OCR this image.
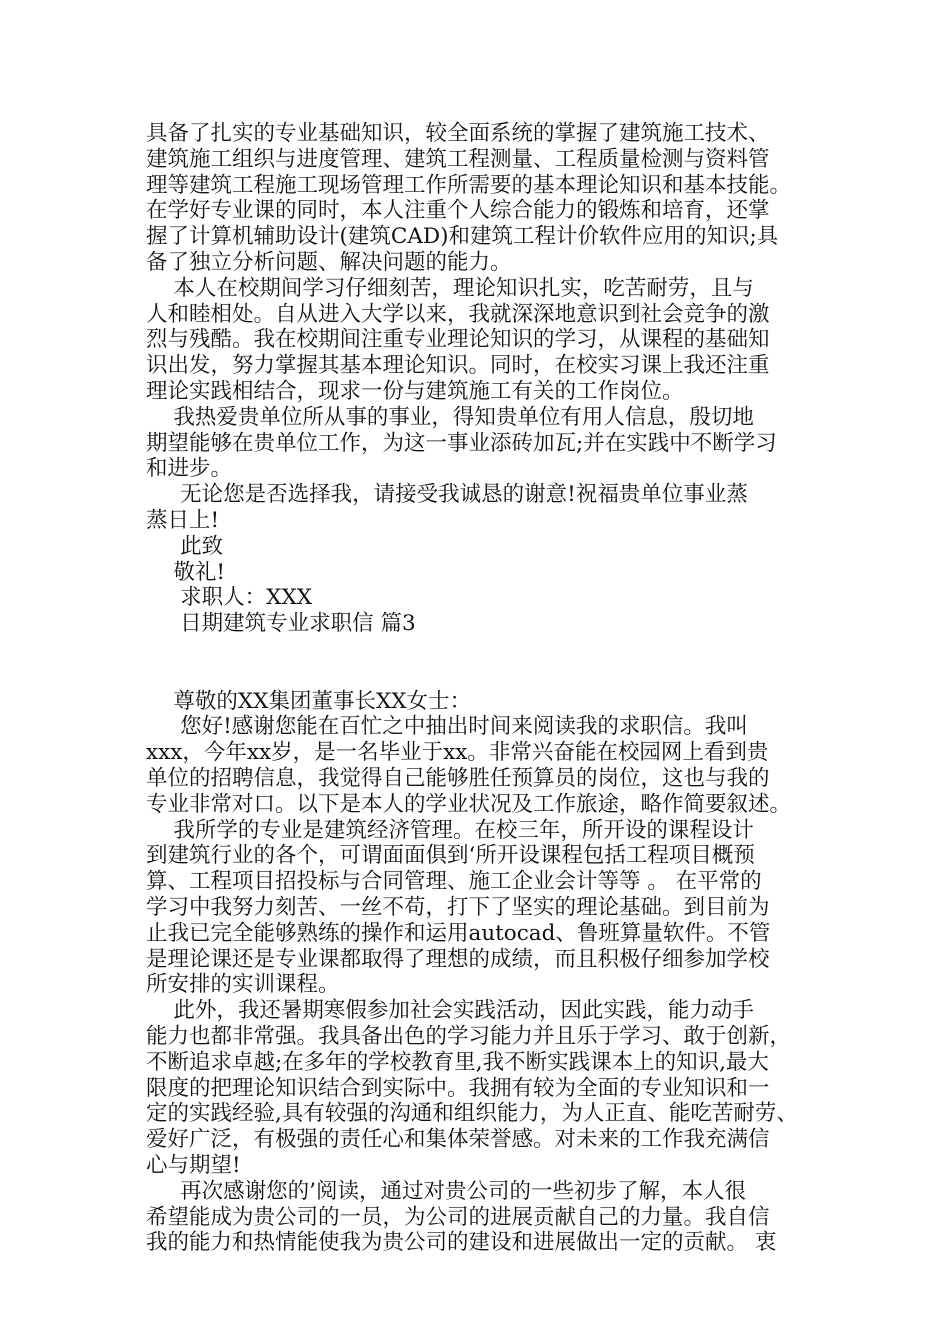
具备了扎实的专业基础知识，较全面系统的掌握了建筑施工技术、
建筑施工组织与进度管理、建筑工程测量、工程质量检测与资料管
理等建筑工程施工现场管理工作所需要的基本理论知识和基本技能。
在学好专业课的同时，本人注重个人综合能力的锻炼和培育，还掌
握了计算机辅助设计(建筑CAD)和建筑工程计价软件应用的知识;具
备了独立分析问题、解决问题的能力。
本人在校期间学习仔细刻苦，理论知识扎实，吃苦耐劳，且与
人和睦相处。自从进入大学以来，我就深深地意识到社会竞争的激
烈与残酷。我在校期间注重专业理论知识的学习，从课程的基础知
识出发，努力掌握其基本理论知识。同时，在校实习课上我还注重
理论实践相结合，现求一份与建筑施工有关的工作岗位。
我热爱贵单位所从事的事业，得知贵单位有用人信息，殷切地
期望能够在贵单位工作，为这一事业添砖加瓦;并在实践中不断学习
和进步。
无论您是否选择我，请接受我诚恳的谢意!祝福贵单位事业蒸
蒸日上!
此致
敬礼!
求职人：XXX
日期建筑专业求职信 篇3
尊敬的XX集团董事长XX女士：
您好!感谢您能在百忙之中抽出时间来阅读我的求职信。我叫
xxx，今年xx岁，是一名毕业于xx。非常兴奋能在校园网上看到贵
单位的招聘信息，我觉得自己能够胜任预算员的岗位，这也与我的
专业非常对口。以下是本人的学业状况及工作旅途，略作简要叙述。
我所学的专业是建筑经济管理。在校三年，所开设的课程设计
到建筑行业的各个，可谓面面俱到‘所开设课程包括工程项目概预
算、工程项目招投标与合同管理、施工企业会计等等 。 在平常的
学习中我努力刻苦、一丝不苟，打下了坚实的理论基础。到目前为
止我已完全能够熟练的操作和运用autocad、鲁班算量软件。不管
是理论课还是专业课都取得了理想的成绩，而且积极仔细参加学校
所安排的实训课程。
此外，我还暑期寒假参加社会实践活动，因此实践，能力动手
能力也都非常强。我具备出色的学习能力并且乐于学习、敢于创新，
不断追求卓越;在多年的学校教育里,我不断实践课本上的知识,最大
限度的把理论知识结合到实际中。我拥有较为全面的专业知识和一
定的实践经验,具有较强的沟通和组织能力，为人正直、能吃苦耐劳、
爱好广泛，有极强的责任心和集体荣誉感。对未来的工作我充满信
心与期望!
再次感谢您的’阅读，通过对贵公司的一些初步了解，本人很
希望能成为贵公司的一员，为公司的进展贡献自己的力量。我自信
我的能力和热情能使我为贵公司的建设和进展做出一定的贡献。 衷
